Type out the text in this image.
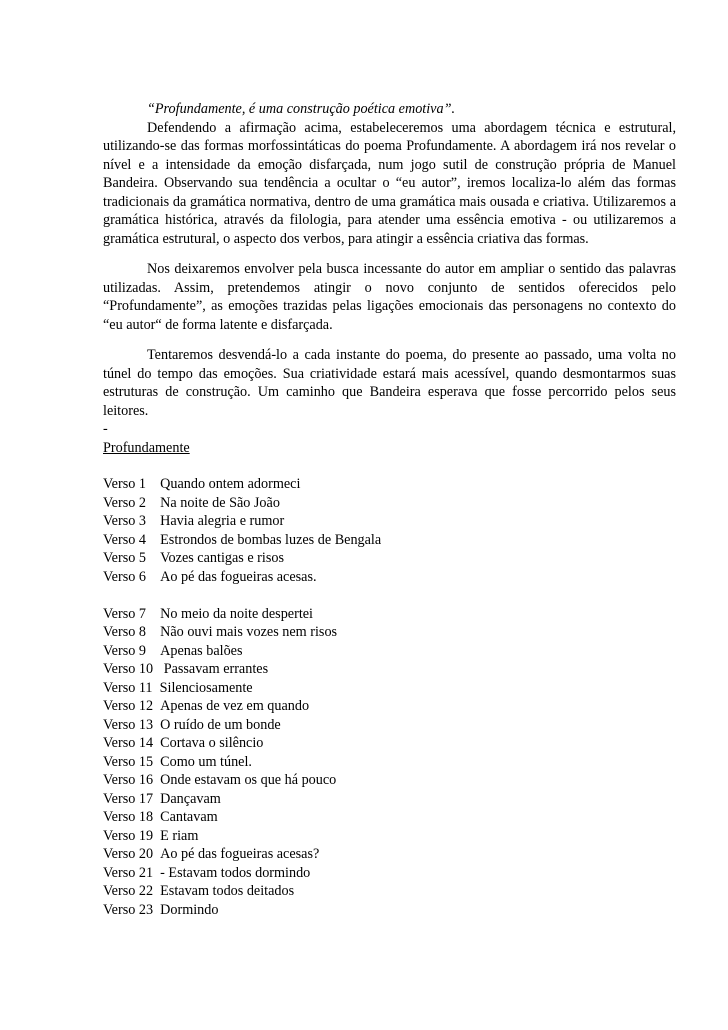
“Profundamente, é uma construção poética emotiva”.

Defendendo a afirmação acima, estabeleceremos uma abordagem técnica e estrutural, utilizando-se das formas morfossintáticas do poema Profundamente. A abordagem irá nos revelar o nível e a intensidade da emoção disfarçada, num jogo sutil de construção própria de Manuel Bandeira. Observando sua tendência a ocultar o “eu autor”, iremos localiza-lo além das formas tradicionais da gramática normativa, dentro de uma gramática mais ousada e criativa. Utilizaremos a gramática histórica, através da filologia, para atender uma essência emotiva - ou utilizaremos a gramática estrutural, o aspecto dos verbos, para atingir a essência criativa das formas.

Nos deixaremos envolver pela busca incessante do autor em ampliar o sentido das palavras utilizadas. Assim, pretendemos atingir o novo conjunto de sentidos oferecidos pelo “Profundamente”, as emoções trazidas pelas ligações emocionais das personagens no contexto do “eu autor“ de forma latente e disfarçada.

Tentaremos desvendá-lo a cada instante do poema, do presente ao passado, uma volta no túnel do tempo das emoções. Sua criatividade estará mais acessível, quando desmontarmos suas estruturas de construção. Um caminho que Bandeira esperava que fosse percorrido pelos seus leitores.

-

Profundamente

Verso 1 Quando ontem adormeci
Verso 2 Na noite de São João
Verso 3 Havia alegria e rumor
Verso 4 Estrondos de bombas luzes de Bengala
Verso 5 Vozes cantigas e risos
Verso 6 Ao pé das fogueiras acesas.
Verso 7 No meio da noite despertei
Verso 8 Não ouvi mais vozes nem risos
Verso 9 Apenas balões
Verso 10 Passavam errantes
Verso 11 Silenciosamente
Verso 12 Apenas de vez em quando
Verso 13 O ruído de um bonde
Verso 14 Cortava o silêncio
Verso 15 Como um túnel.
Verso 16 Onde estavam os que há pouco
Verso 17 Dançavam
Verso 18 Cantavam
Verso 19 E riam
Verso 20 Ao pé das fogueiras acesas?
Verso 21 - Estavam todos dormindo
Verso 22 Estavam todos deitados
Verso 23 Dormindo
